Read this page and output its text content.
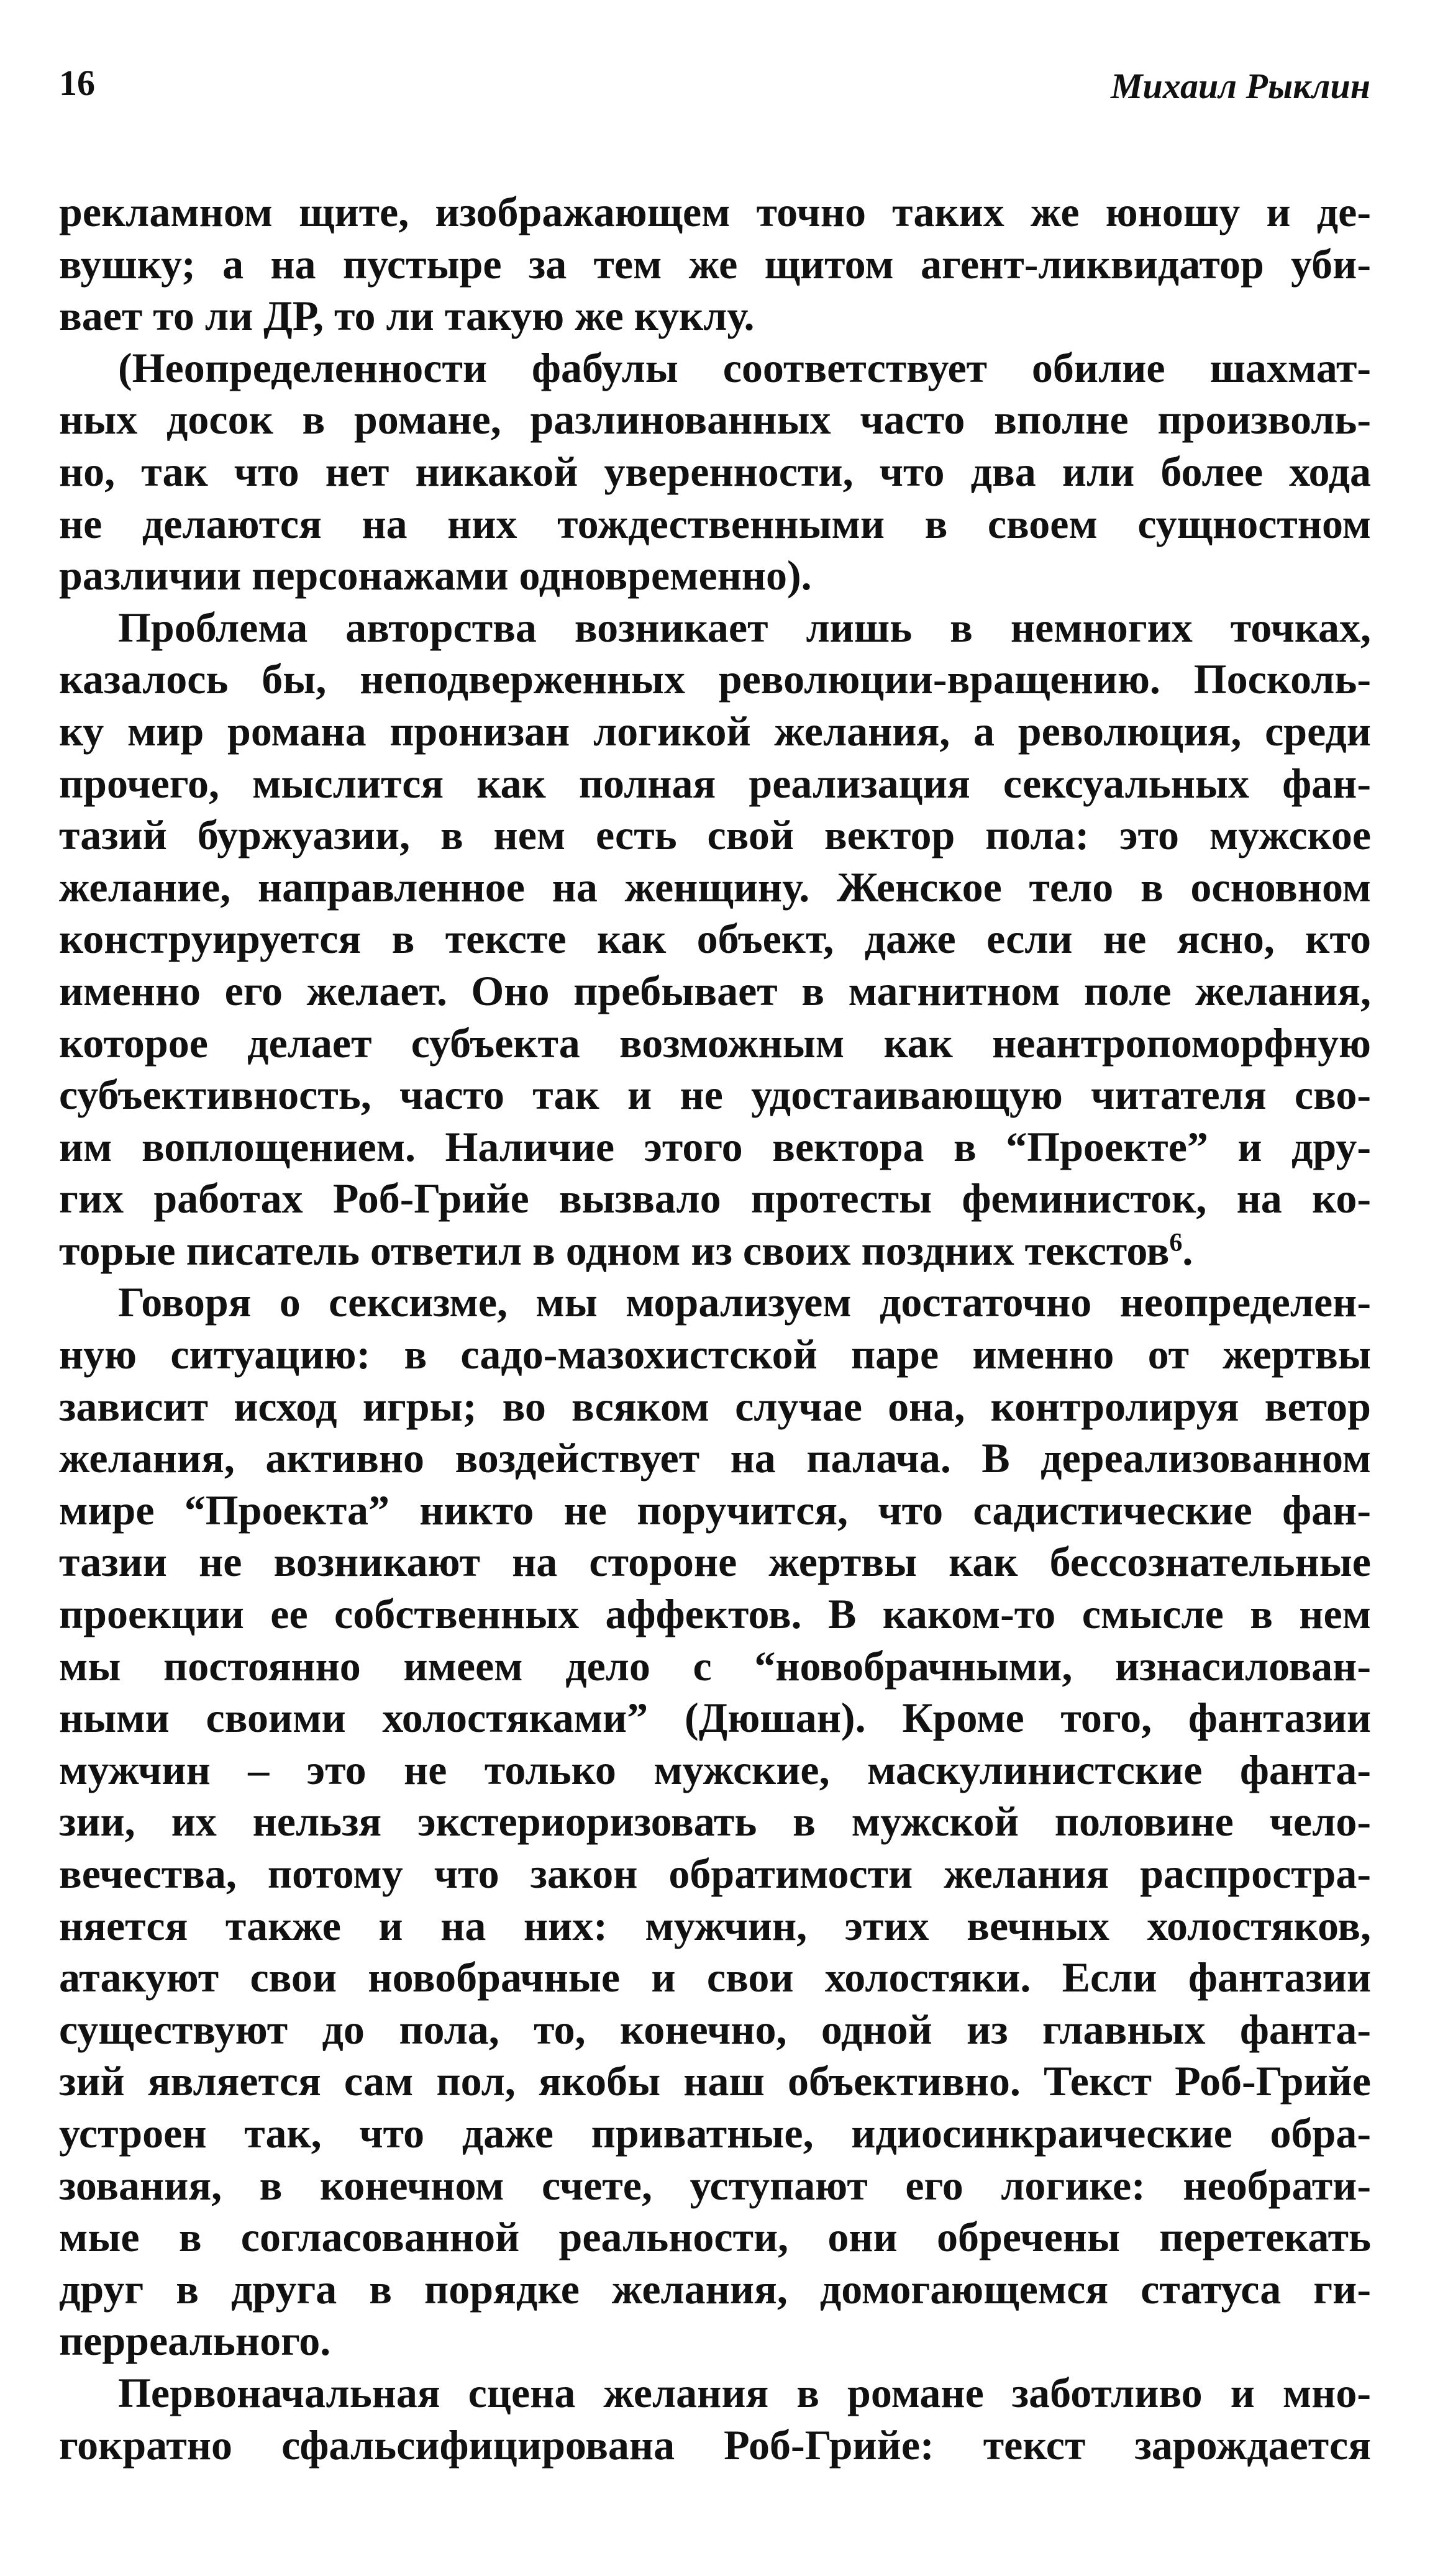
16	Михаил Рыклин
рекламном щите, изображающем точно таких же юношу и де-
вушку; а на пустыре за тем же щитом агент-ликвидатор уби-
вает то ли ДР, то ли такую же куклу.
(Неопределенности фабулы соответствует обилие шахмат-
ных досок в романе, разлинованных часто вполне произволь-
но, так что нет никакой уверенности, что два или более хода
не делаются на них тождественными в своем сущностном
различии персонажами одновременно).
Проблема авторства возникает лишь в немногих точках,
казалось бы, неподверженных революции-вращению. Посколь-
ку мир романа пронизан логикой желания, а революция, среди
прочего, мыслится как полная реализация сексуальных фан-
тазий буржуазии, в нем есть свой вектор пола: это мужское
желание, направленное на женщину. Женское тело в основном
конструируется в тексте как объект, даже если не ясно, кто
именно его желает. Оно пребывает в магнитном поле желания,
которое делает субъекта возможным как неантропоморфную
субъективность, часто так и не удостаивающую читателя сво-
им воплощением. Наличие этого вектора в “Проекте” и дру-
гих работах Роб-Грийе вызвало протесты феминисток, на ко-
торые писатель ответил в одном из своих поздних текстов$^6$.
Говоря о сексизме, мы морализуем достаточно неопределен-
ную ситуацию: в садо-мазохистской паре именно от жертвы
зависит исход игры; во всяком случае она, контролируя ветор
желания, активно воздействует на палача. В дереализованном
мире “Проекта” никто не поручится, что садистические фан-
тазии не возникают на стороне жертвы как бессознательные
проекции ее собственных аффектов. В каком-то смысле в нем
мы постоянно имеем дело с “новобрачными, изнасилован-
ными своими холостяками” (Дюшан). Кроме того, фантазии
мужчин – это не только мужские, маскулинистские фанта-
зии, их нельзя экстериоризовать в мужской половине чело-
вечества, потому что закон обратимости желания распростра-
няется также и на них: мужчин, этих вечных холостяков,
атакуют свои новобрачные и свои холостяки. Если фантазии
существуют до пола, то, конечно, одной из главных фанта-
зий является сам пол, якобы наш объективно. Текст Роб-Грийе
устроен так, что даже приватные, идиосинкраические обра-
зования, в конечном счете, уступают его логике: необрати-
мые в согласованной реальности, они обречены перетекать
друг в друга в порядке желания, домогающемся статуса ги-
перреального.
Первоначальная сцена желания в романе заботливо и мно-
гократно сфальсифицирована Роб-Грийе: текст зарождается
